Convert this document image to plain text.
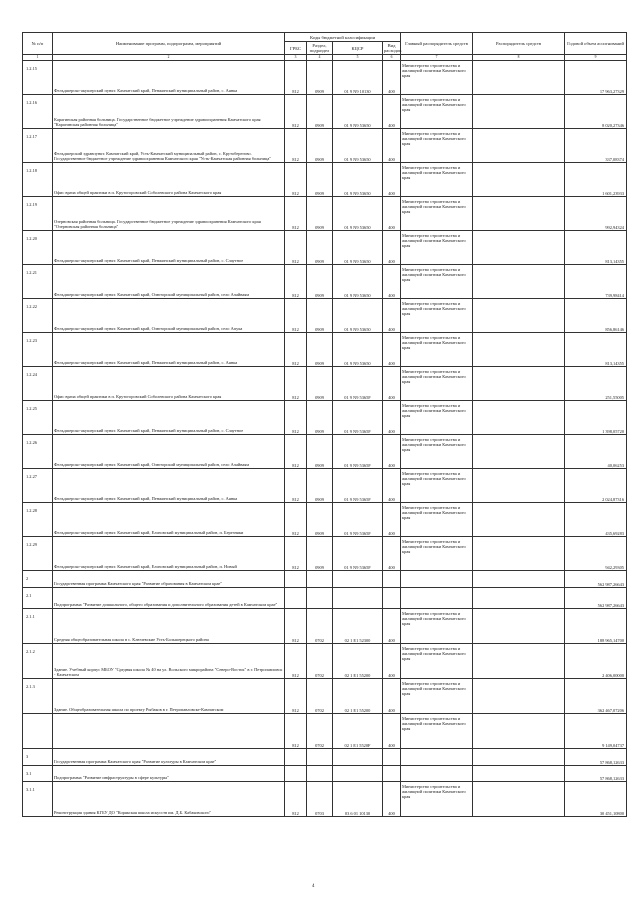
№ п/п	Наименование программ, подпрограмм, мероприятий	Коды бюджетной классификации				Главный распорядитель средств	Распорядитель средств	Годовой объем ассигнований
		ГРБС	Раздел, подраздел	КЦСР	Вид расходов			
1	2	3	4	5	6	7	8	9
1.2.15	Фельдшерско-акушерский пункт. Камчатский край, Пенжинский муниципальный район, с. Аянка	812	0909	01 9 N9 10130	400	Министерство строительства и жилищной политики Камчатского края		17 963,27329
1.2.16	Карагинская районная больница. Государственное бюджетное учреждение здравоохранения Камчатского края "Карагинская районная больница"	812	0909	01 9 N9 53650	400	Министерство строительства и жилищной политики Камчатского края		8 020,27346
1.2.17	Фельдшерский здравпункт. Камчатский край, Усть-Камчатский муниципальный район, с. Крутоберегово. Государственное бюджетное учреждение здравоохранения Камчатского края "Усть-Камчатская районная больница"	812	0909	01 9 N9 53650	400	Министерство строительства и жилищной политики Камчатского края		337,08374
1.2.18	Офис врача общей практики в п. Крутогоровский Соболевского района Камчатского края	812	0909	01 9 N9 53650	400	Министерство строительства и жилищной политики Камчатского края		1 601,23933
1.2.19	Озерновская районная больница. Государственное бюджетное учреждение здравоохранения Камчатского края "Озерновская районная больница"	812	0909	01 9 N9 53650	400	Министерство строительства и жилищной политики Камчатского края		992,94324
1.2.20	Фельдшерско-акушерский пункт. Камчатский край, Пенжинский муниципальный район, с. Слаутное	812	0909	01 9 N9 53650	400	Министерство строительства и жилищной политики Камчатского края		813,14355
1.2.21	Фельдшерско-акушерский пункт. Камчатский край, Олюторский муниципальный район, село Ачайваям	812	0909	01 9 N9 53650	400	Министерство строительства и жилищной политики Камчатского края		739,98414
1.2.22	Фельдшерско-акушерский пункт. Камчатский край, Олюторский муниципальный район, село Апука	812	0909	01 9 N9 53650	400	Министерство строительства и жилищной политики Камчатского края		856,86146
1.2.23	Фельдшерско-акушерский пункт. Камчатский край, Пенжинский муниципальный район, с. Аянка	812	0909	01 9 N9 53650	400	Министерство строительства и жилищной политики Камчатского края		813,14355
1.2.24	Офис врача общей практики в п. Крутогоровский Соболевского района Камчатского края	812	0909	01 9 N9 5365F	400	Министерство строительства и жилищной политики Камчатского края		251,55005
1.2.25	Фельдшерско-акушерский пункт. Камчатский край, Пенжинский муниципальный район, с. Слаутное	812	0909	01 9 N9 5365F	400	Министерство строительства и жилищной политики Камчатского края		1 398,05720
1.2.26	Фельдшерско-акушерский пункт. Камчатский край, Олюторский муниципальный район, село Ачайваям	812	0909	01 9 N9 5365F	400	Министерство строительства и жилищной политики Камчатского края		40,06253
1.2.27	Фельдшерско-акушерский пункт. Камчатский край, Пенжинский муниципальный район, с. Аянка	812	0909	01 9 N9 5365F	400	Министерство строительства и жилищной политики Камчатского края		2 024,87316
1.2.28	Фельдшерско-акушерский пункт. Камчатский край, Елизовский муниципальный район, п. Березняки	812	0909	01 9 N9 5365F	400	Министерство строительства и жилищной политики Камчатского края		435,69283
1.2.29	Фельдшерско-акушерский пункт. Камчатский край, Елизовский муниципальный район, п. Новый	812	0909	01 9 N9 5365F	400	Министерство строительства и жилищной политики Камчатского края		942,29305
2	Государственная программа Камчатского края "Развитие образования в Камчатском крае"							562 987,26643
2.1	Подпрограмма "Развитие дошкольного, общего образования и дополнительного образования детей в Камчатском крае"							562 987,26643
2.1.1	Средняя общеобразовательная школа в с. Ключевские Усть-Большерецкого района	812	0702	02 1 E1 52300	400	Министерство строительства и жилищной политики Камчатского края		188 965,14700
2.1.2	Здание. Учебный корпус МБОУ "Средняя школа № 40 на ул. Вольского микрорайона "Северо-Восток" в г. Петропавловск - Камчатском	812	0702	02 1 E1 55200	400	Министерство строительства и жилищной политики Камчатского края		2 406,00000
2.1.3	Здание. Общеобразовательная школа по проекту Рыбаков в г. Петропавловске-Камчатском	812	0702	02 1 E1 55200	400	Министерство строительства и жилищной политики Камчатского края		362 467,07206
		812	0702	02 1 E1 5520F	400	Министерство строительства и жилищной политики Камчатского края		9 149,04737
3	Государственная программа Камчатского края "Развитие культуры в Камчатском крае"							57 868,12633
3.1	Подпрограмма "Развитие инфраструктуры в сфере культуры"							57 868,12633
3.1.1	Реконструкция здания КГБУ ДО "Корякская школа искусств им. Д.Б. Кабаковского"	812	0703	03 6 01 10130	400	Министерство строительства и жилищной политики Камчатского края		30 451,10800
4
